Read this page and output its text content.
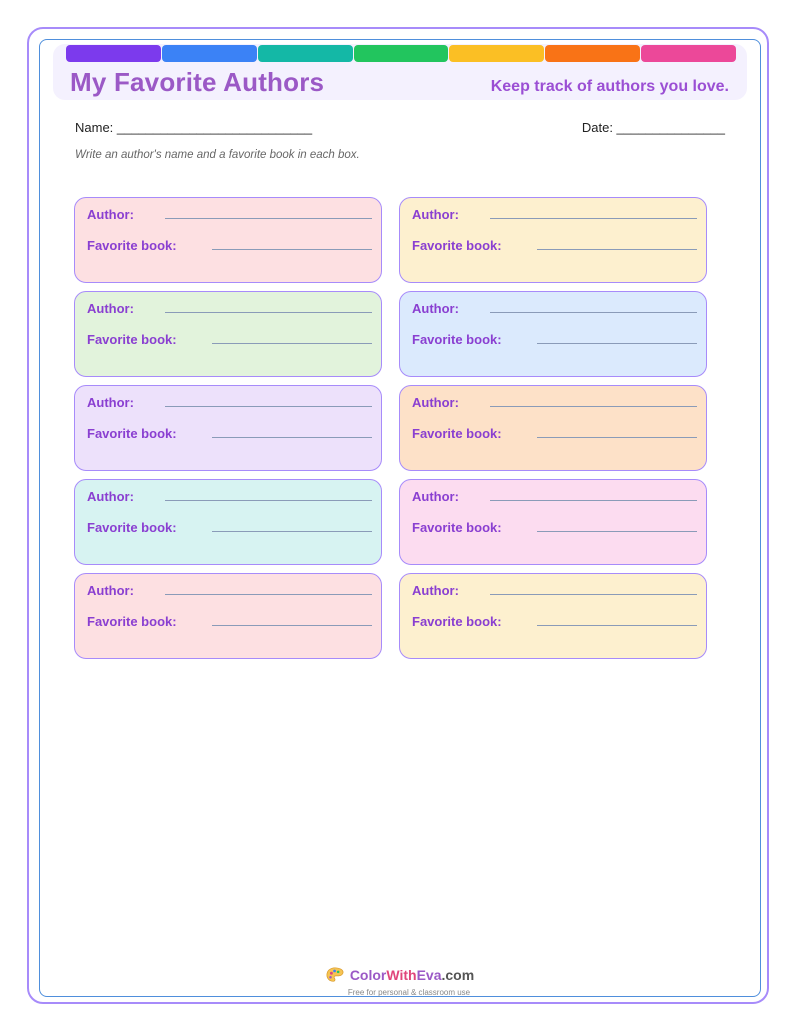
My Favorite Authors	Keep track of authors you love.
Name: ___________________________	Date: _______________
Write an author's name and a favorite book in each box.
Author:
Favorite book:
Author:
Favorite book:
Author:
Favorite book:
Author:
Favorite book:
Author:
Favorite book:
Author:
Favorite book:
Author:
Favorite book:
Author:
Favorite book:
Author:
Favorite book:
Author:
Favorite book:
ColorWithEva.com
Free for personal & classroom use
